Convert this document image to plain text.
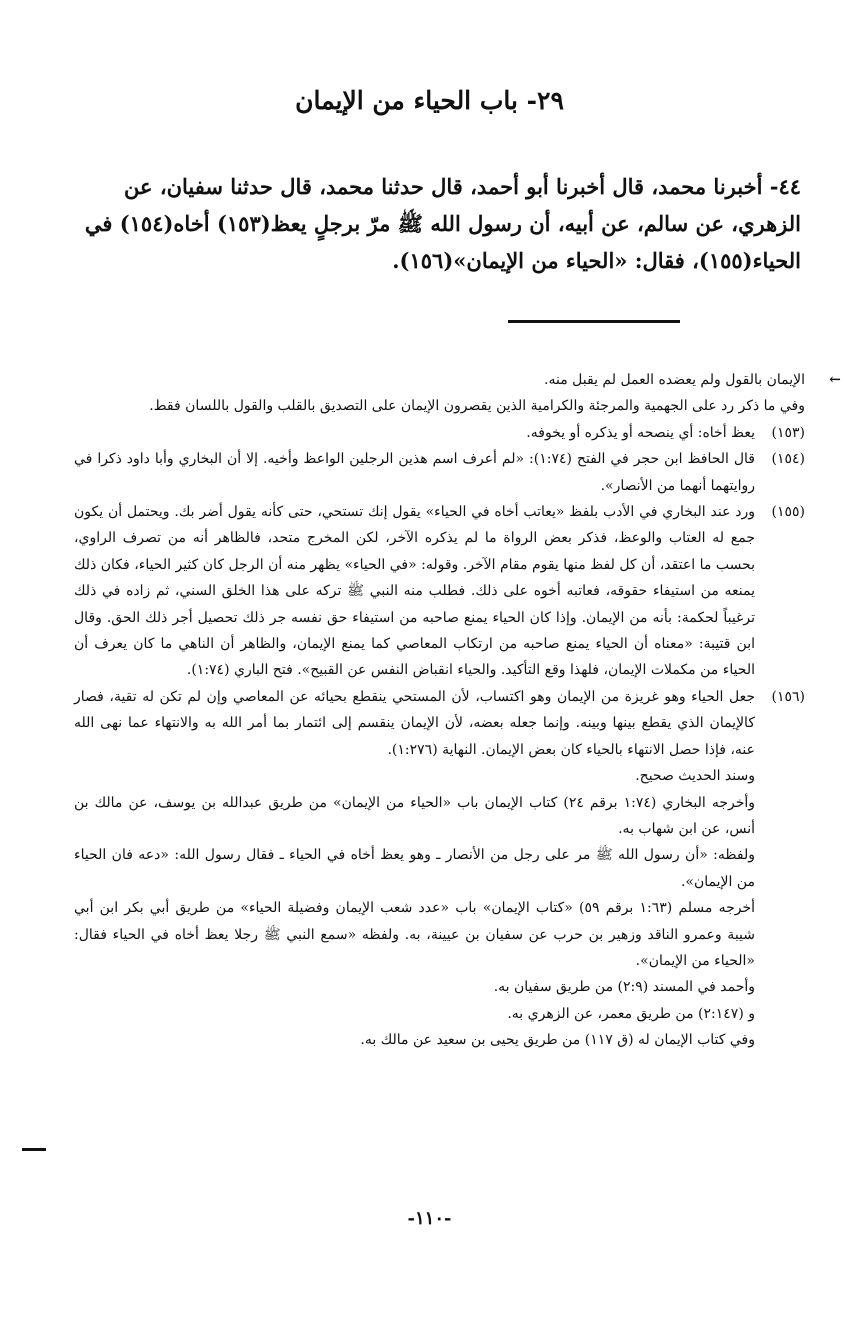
٢٩- باب الحياء من الإيمان
٤٤- أخبرنا محمد، قال أخبرنا أبو أحمد، قال حدثنا محمد، قال حدثنا سفيان، عن
الزهري، عن سالم، عن أبيه، أن رسول الله ﷺ مرّ برجلٍ يعظ(١٥٣) أخاه(١٥٤) في
الحياء(١٥٥)، فقال: «الحياء من الإيمان»(١٥٦).
←

الإيمان بالقول ولم يعضده العمل لم يقبل منه.

وفي ما ذكر رد على الجهمية والمرجئة والكرامية الذين يقصرون الإيمان على التصديق بالقلب والقول باللسان فقط.

(١٥٣)

يعظ أخاه: أي ينصحه أو يذكره أو يخوفه.

(١٥٤)

قال الحافظ ابن حجر في الفتح (١:٧٤): «لم أعرف اسم هذين الرجلين الواعظ وأخيه. إلا أن البخاري وأبا داود ذكرا في روايتهما أنهما من الأنصار».

(١٥٥)

ورد عند البخاري في الأدب بلفظ «يعاتب أخاه في الحياء» يقول إنك تستحي، حتى كأنه يقول أضر بك. ويحتمل أن يكون جمع له العتاب والوعظ، فذكر بعض الرواة ما لم يذكره الآخر، لكن المخرج متحد، فالظاهر أنه من تصرف الراوي، بحسب ما اعتقد، أن كل لفظ منها يقوم مقام الآخر. وقوله: «في الحياء» يظهر منه أن الرجل كان كثير الحياء، فكان ذلك يمنعه من استيفاء حقوقه، فعاتبه أخوه على ذلك. فطلب منه النبي ﷺ تركه على هذا الخلق السني، ثم زاده في ذلك ترغيباً لحكمة: بأنه من الإيمان. وإذا كان الحياء يمنع صاحبه من استيفاء حق نفسه جر ذلك تحصيل أجر ذلك الحق. وقال ابن قتيبة: «معناه أن الحياء يمنع صاحبه من ارتكاب المعاصي كما يمنع الإيمان، والظاهر أن الناهي ما كان يعرف أن الحياء من مكملات الإيمان، فلهذا وقع التأكيد. والحياء انقباض النفس عن القبيح». فتح الباري (١:٧٤).

(١٥٦)

جعل الحياء وهو غريزة من الإيمان وهو اكتساب، لأن المستحي ينقطع بحيائه عن المعاصي وإن لم تكن له تقية، فصار كالإيمان الذي يقطع بينها وبينه. وإنما جعله بعضه، لأن الإيمان ينقسم إلى ائتمار بما أمر الله به والانتهاء عما نهى الله عنه، فإذا حصل الانتهاء بالحياء كان بعض الإيمان. النهاية (١:٢٧٦).

وسند الحديث صحيح.

وأخرجه البخاري (١:٧٤ برقم ٢٤) كتاب الإيمان باب «الحياء من الإيمان» من طريق عبدالله بن يوسف، عن مالك بن أنس، عن ابن شهاب به.

ولفظه: «أن رسول الله ﷺ مر على رجل من الأنصار ـ وهو يعظ أخاه في الحياء ـ فقال رسول الله: «دعه فان الحياء من الإيمان».

أخرجه مسلم (١:٦٣ برقم ٥٩) «كتاب الإيمان» باب «عدد شعب الإيمان وفضيلة الحياء» من طريق أبي بكر ابن أبي شيبة وعمرو الناقد وزهير بن حرب عن سفيان بن عيينة، به. ولفظه «سمع النبي ﷺ رجلا يعظ أخاه في الحياء فقال: «الحياء من الإيمان».

وأحمد في المسند (٢:٩) من طريق سفيان به.

و (٢:١٤٧) من طريق معمر، عن الزهري به.

وفي كتاب الإيمان له (ق ١١٧) من طريق يحيى بن سعيد عن مالك به.

-١١٠-
